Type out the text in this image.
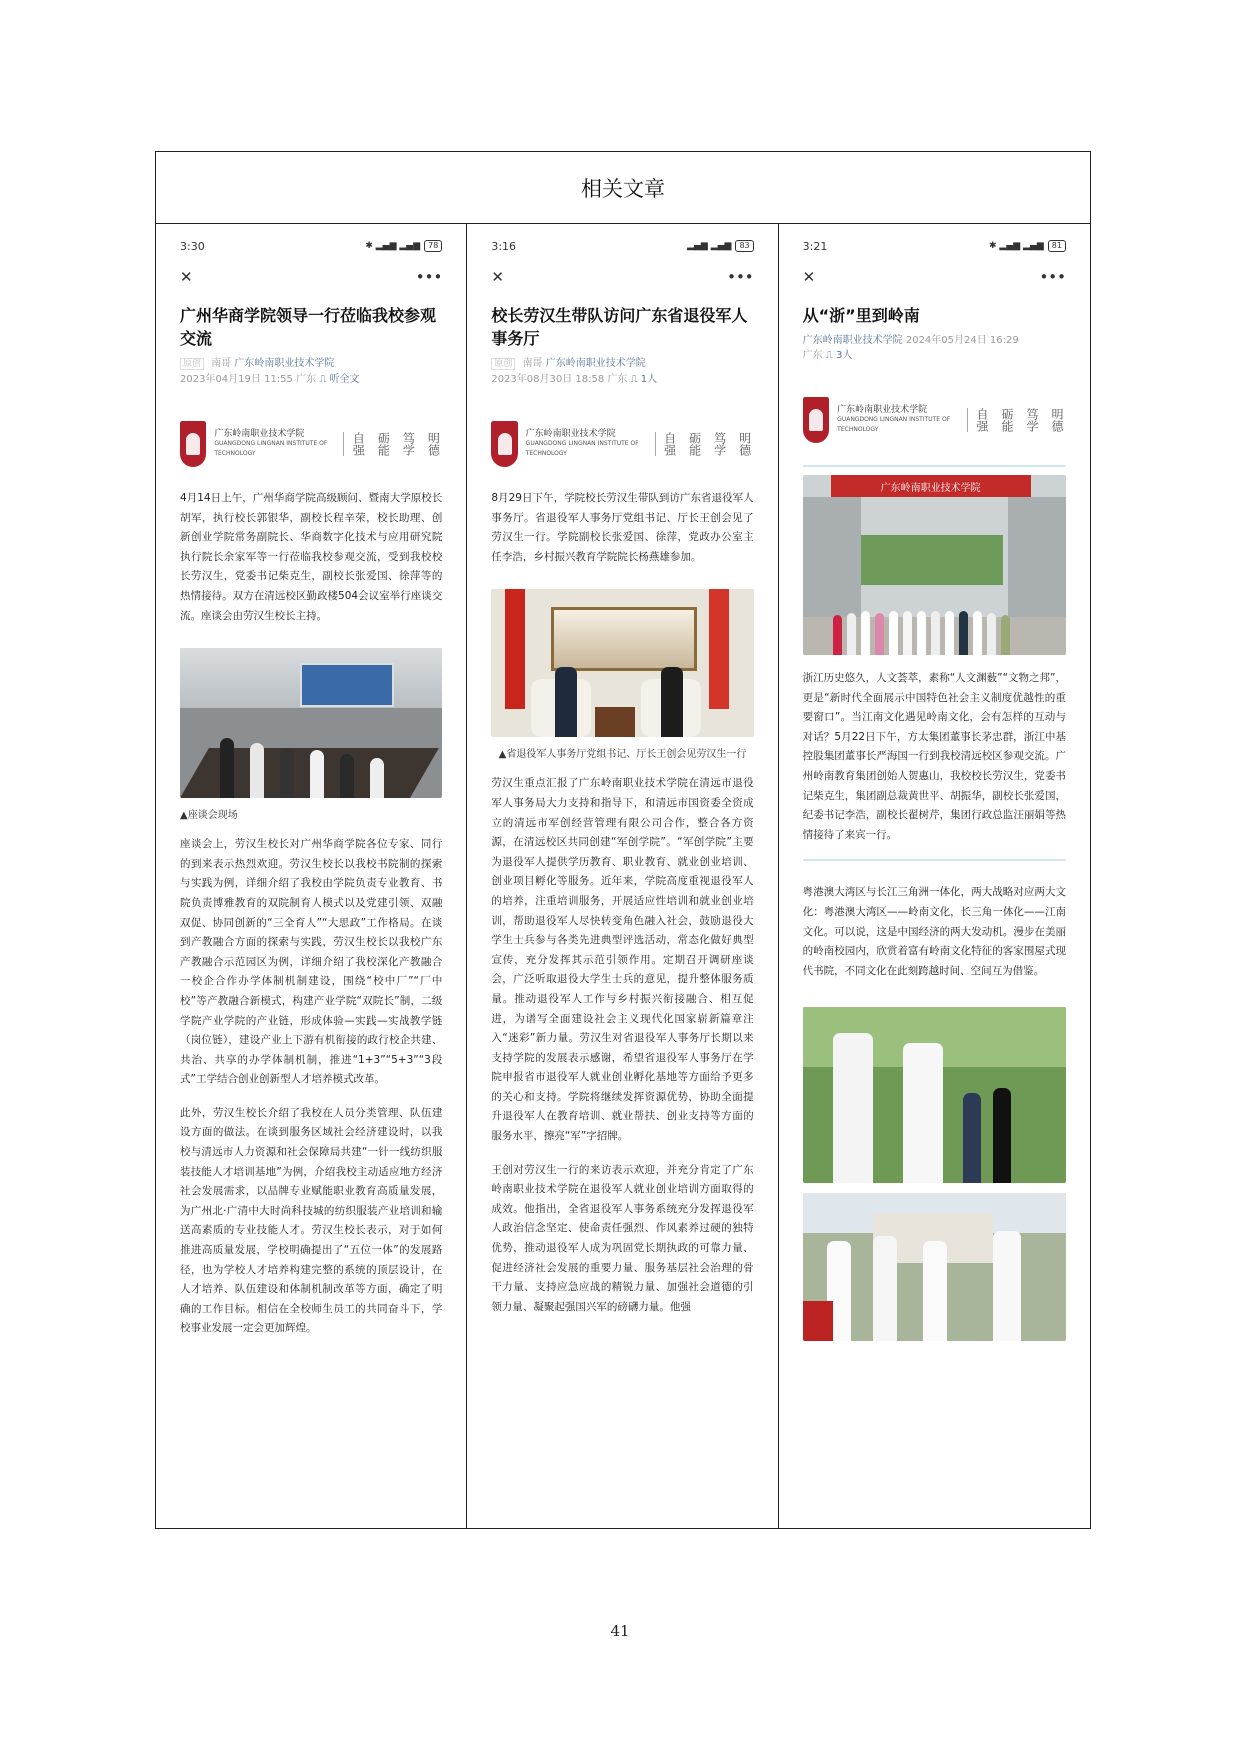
相关文章
3:30	✱ ▂▄▆ ▂▄▆	78
✕	•••
广州华商学院领导一行莅临我校参观交流
原创 南哥 广东岭南职业技术学院
2023年04月19日 11:55 广东 ⎍ 听全文
广东岭南职业技术学院
GUANGDONG LINGNAN INSTITUTE OF TECHNOLOGY	自强 砺能 笃学 明德
4月14日上午，广州华商学院高级顾问、暨南大学原校长胡军，执行校长郭银华，副校长程辛荣，校长助理、创新创业学院常务副院长、华商数字化技术与应用研究院执行院长余家军等一行莅临我校参观交流，受到我校校长劳汉生，党委书记柴克生，副校长张爱国、徐萍等的热情接待。双方在清远校区勤政楼504会议室举行座谈交流。座谈会由劳汉生校长主持。
▲座谈会现场
座谈会上，劳汉生校长对广州华商学院各位专家、同行的到来表示热烈欢迎。劳汉生校长以我校书院制的探索与实践为例，详细介绍了我校由学院负责专业教育、书院负责博雅教育的双院制育人模式以及党建引领、双融双促、协同创新的“三全育人”“大思政”工作格局。在谈到产教融合方面的探索与实践，劳汉生校长以我校广东产教融合示范园区为例，详细介绍了我校深化产教融合一校企合作办学体制机制建设，围绕“校中厂”“厂中校”等产教融合新模式，构建产业学院“双院长”制，二级学院产业学院的产业链，形成体验—实践—实战教学链（岗位链），建设产业上下游有机衔接的政行校企共建、共治、共享的办学体制机制，推进“1+3”“5+3”“3段式”工学结合创业创新型人才培养模式改革。
此外，劳汉生校长介绍了我校在人员分类管理、队伍建设方面的做法。在谈到服务区域社会经济建设时，以我校与清远市人力资源和社会保障局共建“一针一线纺织服装技能人才培训基地”为例，介绍我校主动适应地方经济社会发展需求，以品牌专业赋能职业教育高质量发展，为广州北·广清中大时尚科技城的纺织服装产业培训和输送高素质的专业技能人才。劳汉生校长表示，对于如何推进高质量发展，学校明确提出了“五位一体”的发展路径，也为学校人才培养构建完整的系统的顶层设计，在人才培养、队伍建设和体制机制改革等方面，确定了明确的工作目标。相信在全校师生员工的共同奋斗下，学校事业发展一定会更加辉煌。
3:16	▂▄▆ ▂▄▆	83
✕	•••
校长劳汉生带队访问广东省退役军人事务厅
原创 南哥 广东岭南职业技术学院
2023年08月30日 18:58 广东 ⎍ 1人
广东岭南职业技术学院
GUANGDONG LINGNAN INSTITUTE OF TECHNOLOGY	自强 砺能 笃学 明德
8月29日下午，学院校长劳汉生带队到访广东省退役军人事务厅。省退役军人事务厅党组书记、厅长王创会见了劳汉生一行。学院副校长张爱国、徐萍，党政办公室主任李浩，乡村振兴教育学院院长杨燕雄参加。
▲省退役军人事务厅党组书记、厅长王创会见劳汉生一行
劳汉生重点汇报了广东岭南职业技术学院在清远市退役军人事务局大力支持和指导下，和清远市国资委全资成立的清远市军创经营管理有限公司合作，整合各方资源，在清远校区共同创建“军创学院”。“军创学院”主要为退役军人提供学历教育、职业教育、就业创业培训、创业项目孵化等服务。近年来，学院高度重视退役军人的培养，注重培训服务，开展适应性培训和就业创业培训，帮助退役军人尽快转变角色融入社会，鼓励退役大学生士兵参与各类先进典型评选活动，常态化做好典型宣传，充分发挥其示范引领作用。定期召开调研座谈会，广泛听取退役大学生士兵的意见，提升整体服务质量。推动退役军人工作与乡村振兴衔接融合、相互促进，为谱写全面建设社会主义现代化国家崭新篇章注入“迷彩”新力量。劳汉生对省退役军人事务厅长期以来支持学院的发展表示感谢，希望省退役军人事务厅在学院申报省市退役军人就业创业孵化基地等方面给予更多的关心和支持。学院将继续发挥资源优势，协助全面提升退役军人在教育培训、就业帮扶、创业支持等方面的服务水平，擦亮“军”字招牌。
王创对劳汉生一行的来访表示欢迎，并充分肯定了广东岭南职业技术学院在退役军人就业创业培训方面取得的成效。他指出，全省退役军人事务系统充分发挥退役军人政治信念坚定、使命责任强烈、作风素养过硬的独特优势，推动退役军人成为巩固党长期执政的可靠力量、促进经济社会发展的重要力量、服务基层社会治理的骨干力量、支持应急应战的精锐力量、加强社会道德的引领力量、凝聚起强国兴军的磅礴力量。他强
3:21	✱ ▂▄▆ ▂▄▆	81
✕	•••
从“浙”里到岭南
广东岭南职业技术学院 2024年05月24日 16:29
广东 ⎍ 3人
广东岭南职业技术学院
GUANGDONG LINGNAN INSTITUTE OF TECHNOLOGY	自强 砺能 笃学 明德
广东岭南职业技术学院
浙江历史悠久，人文荟萃，素称“人文渊薮”“文物之邦”，更是“新时代全面展示中国特色社会主义制度优越性的重要窗口”。当江南文化遇见岭南文化，会有怎样的互动与对话？5月22日下午，方太集团董事长茅忠群，浙江中基控股集团董事长严海国一行到我校清远校区参观交流。广州岭南教育集团创始人贺惠山，我校校长劳汉生，党委书记柴克生，集团副总裁黄世平、胡振华，副校长张爱国，纪委书记李浩，副校长翟树芹，集团行政总监汪丽娟等热情接待了来宾一行。
粤港澳大湾区与长江三角洲一体化，两大战略对应两大文化：粤港澳大湾区——岭南文化，长三角一体化——江南文化。可以说，这是中国经济的两大发动机。漫步在美丽的岭南校园内，欣赏着富有岭南文化特征的客家围屋式现代书院，不同文化在此刻跨越时间、空间互为借鉴。
41
